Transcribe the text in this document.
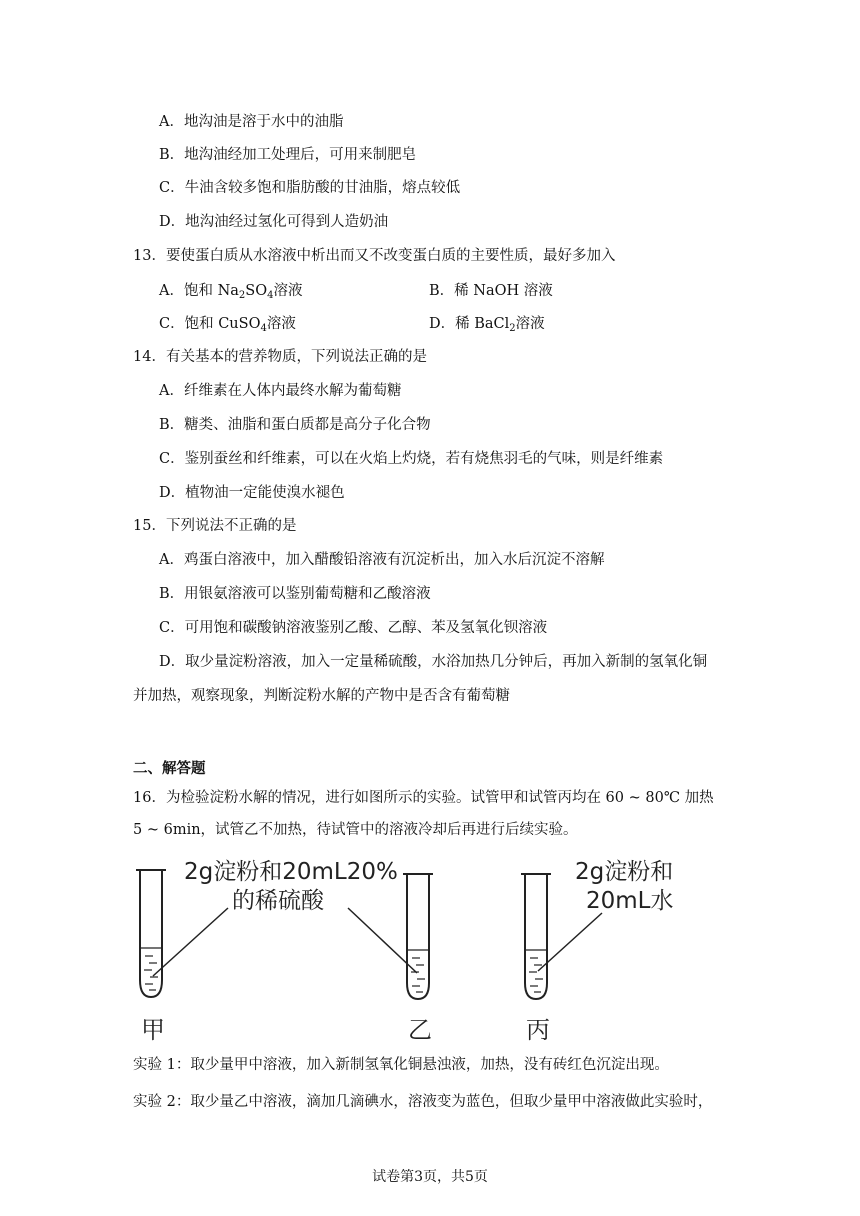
A．地沟油是溶于水中的油脂
B．地沟油经加工处理后，可用来制肥皂
C．牛油含较多饱和脂肪酸的甘油脂，熔点较低
D．地沟油经过氢化可得到人造奶油
13．要使蛋白质从水溶液中析出而又不改变蛋白质的主要性质，最好多加入
A．饱和 $Na_2SO_4$溶液	B．稀 NaOH 溶液
C．饱和 CuSO$_4$溶液	D．稀 BaCl$_2$溶液
14．有关基本的营养物质，下列说法正确的是
A．纤维素在人体内最终水解为葡萄糖
B．糖类、油脂和蛋白质都是高分子化合物
C．鉴别蚕丝和纤维素，可以在火焰上灼烧，若有烧焦羽毛的气味，则是纤维素
D．植物油一定能使溴水褪色
15．下列说法不正确的是
A．鸡蛋白溶液中，加入醋酸铅溶液有沉淀析出，加入水后沉淀不溶解
B．用银氨溶液可以鉴别葡萄糖和乙酸溶液
C．可用饱和碳酸钠溶液鉴别乙酸、乙醇、苯及氢氧化钡溶液
D．取少量淀粉溶液，加入一定量稀硫酸，水浴加热几分钟后，再加入新制的氢氧化铜
并加热，观察现象，判断淀粉水解的产物中是否含有葡萄糖
二、解答题
16．为检验淀粉水解的情况，进行如图所示的实验。试管甲和试管丙均在 60 ~ 80℃ 加热
5 ~ 6min，试管乙不加热，待试管中的溶液冷却后再进行后续实验。
2g淀粉和20mL20%
的稀硫酸
2g淀粉和
20mL水
甲	乙	丙
实验 1：取少量甲中溶液，加入新制氢氧化铜悬浊液，加热，没有砖红色沉淀出现。
实验 2：取少量乙中溶液，滴加几滴碘水，溶液变为蓝色，但取少量甲中溶液做此实验时，
试卷第3页，共5页
